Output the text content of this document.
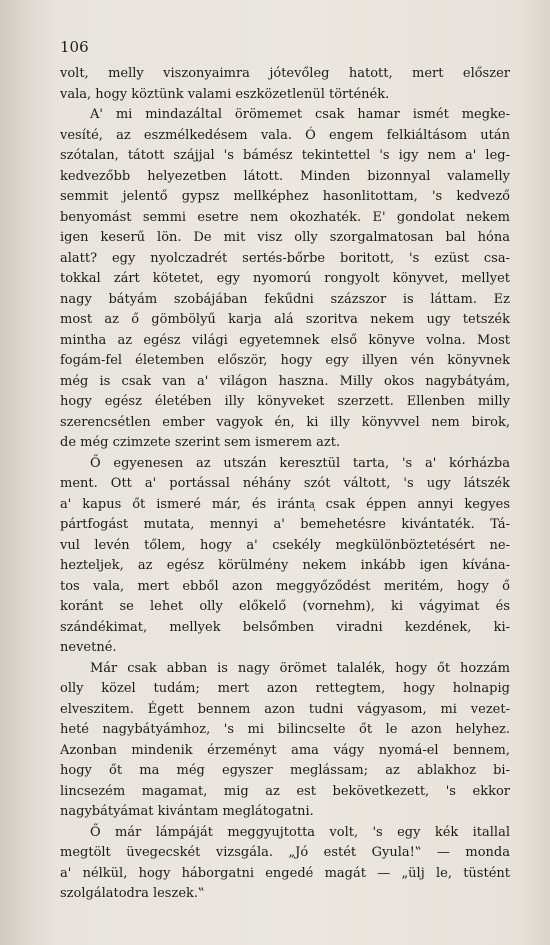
106
volt, melly viszonyaimra jótevőleg hatott, mert előszer
vala, hogy köztünk valami eszközetlenül történék.
A' mi mindazáltal örömemet csak hamar ismét megke-
vesíté, az eszmélkedésem vala. Ó engem felkiáltásom után
szótalan, tátott szájjal 's bámész tekintettel 's igy nem a' leg-
kedvezőbb helyezetben látott. Minden bizonnyal valamelly
semmit jelentő gypsz mellképhez hasonlitottam, 's kedvező
benyomást semmi esetre nem okozhaték. E' gondolat nekem
igen keserű lön. De mit visz olly szorgalmatosan bal hóna
alatt? egy nyolczadrét sertés-bőrbe boritott, 's ezüst csa-
tokkal zárt kötetet, egy nyomorú rongyolt könyvet, mellyet
nagy bátyám szobájában fekűdni százszor is láttam. Ez
most az ő gömbölyű karja alá szoritva nekem ugy tetszék
mintha az egész világi egyetemnek első könyve volna. Most
fogám-fel életemben először, hogy egy illyen vén könyvnek
még is csak van a' világon haszna. Milly okos nagybátyám,
hogy egész életében illy könyveket szerzett. Ellenben milly
szerencsétlen ember vagyok én, ki illy könyvvel nem birok,
de még czimzete szerint sem ismerem azt.
Ő egyenesen az utszán keresztül tarta, 's a' kórházba
ment. Ott a' portással néhány szót váltott, 's ugy látszék
a' kapus őt ismeré már, és irántaͅ csak éppen annyi kegyes
pártfogást mutata, mennyi a' bemehetésre kivántaték. Tá-
vul levén tőlem, hogy a' csekély megkülönböztetésért ne-
hezteljek, az egész körülmény nekem inkább igen kívána-
tos vala, mert ebből azon meggyőződést meritém, hogy ő
koránt se lehet olly előkelő (vornehm), ki vágyimat és
szándékimat, mellyek belsőmben viradni kezdének, ki-
nevetné.
Már csak abban is nagy örömet talalék, hogy őt hozzám
olly közel tudám; mert azon rettegtem, hogy holnapig
elveszitem. Égett bennem azon tudni vágyasom, mi vezet-
heté nagybátyámhoz, 's mi bilincselte őt le azon helyhez.
Azonban mindenik érzeményt ama vágy nyomá-el bennem,
hogy őt ma még egyszer meglássam; az ablakhoz bi-
lincsezém magamat, mig az est bekövetkezett, 's ekkor
nagybátyámat kivántam meglátogatni.
Ő már lámpáját meggyujtotta volt, 's egy kék itallal
megtölt üvegecskét vizsgála. „Jó estét Gyula!‟ — monda
a' nélkül, hogy háborgatni engedé magát — „ülj le, tüstént
szolgálatodra leszek.‟
